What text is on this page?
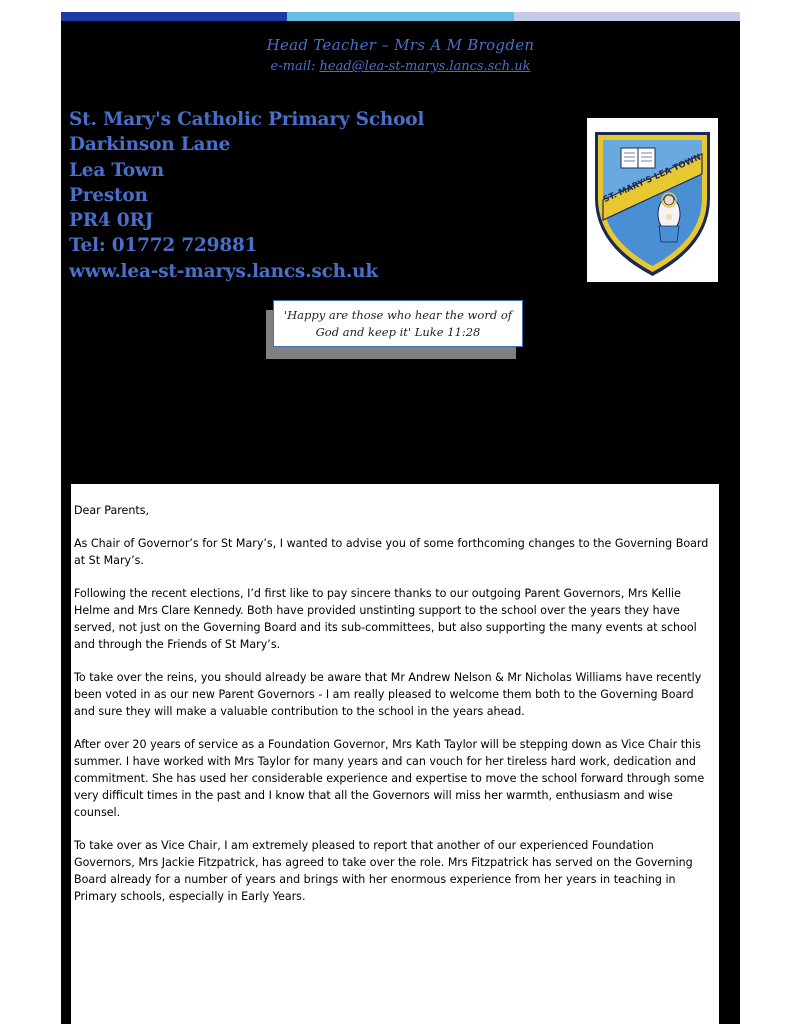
Head Teacher – Mrs A M Brogden
e-mail: head@lea-st-marys.lancs.sch.uk
St. Mary's Catholic Primary School
Darkinson Lane
Lea Town
Preston
PR4 0RJ
Tel: 01772 729881
www.lea-st-marys.lancs.sch.uk
ST. MARY'S LEA TOWN
'Happy are those who hear the word of
God and keep it' Luke 11:28

Dear Parents,

As Chair of Governor’s for St Mary’s, I wanted to advise you of some forthcoming changes to the Governing Board at St Mary’s.

Following the recent elections, I’d first like to pay sincere thanks to our outgoing Parent Governors, Mrs Kellie Helme and Mrs Clare Kennedy. Both have provided unstinting support to the school over the years they have served, not just on the Governing Board and its sub-committees, but also supporting the many events at school and through the Friends of St Mary’s.

To take over the reins, you should already be aware that Mr Andrew Nelson & Mr Nicholas Williams have recently been voted in as our new Parent Governors - I am really pleased to welcome them both to the Governing Board and sure they will make a valuable contribution to the school in the years ahead.

After over 20 years of service as a Foundation Governor, Mrs Kath Taylor will be stepping down as Vice Chair this summer. I have worked with Mrs Taylor for many years and can vouch for her tireless hard work, dedication and commitment. She has used her considerable experience and expertise to move the school forward through some very difficult times in the past and I know that all the Governors will miss her warmth, enthusiasm and wise counsel.

To take over as Vice Chair, I am extremely pleased to report that another of our experienced Foundation Governors, Mrs Jackie Fitzpatrick, has agreed to take over the role. Mrs Fitzpatrick has served on the Governing Board already for a number of years and brings with her enormous experience from her years in teaching in Primary schools, especially in Early Years.
